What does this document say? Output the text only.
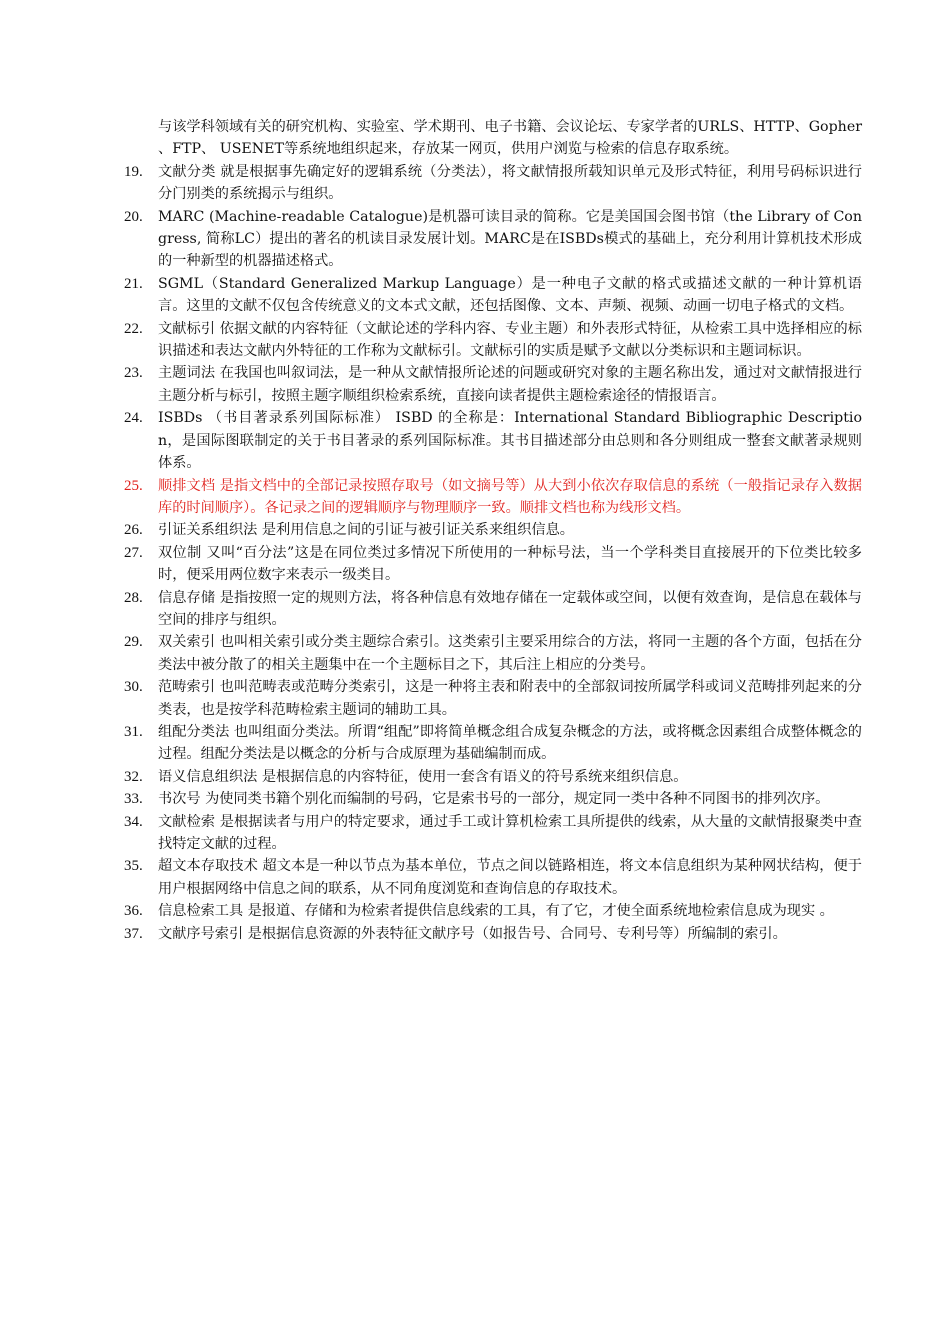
与该学科领域有关的研究机构、实验室、学术期刊、电子书籍、会议论坛、专家学者的URLS、HTTP、Gopher 、FTP、 USENET等系统地组织起来，存放某一网页，供用户浏览与检索的信息存取系统。

19.	文献分类 就是根据事先确定好的逻辑系统（分类法），将文献情报所载知识单元及形式特征，利用号码标识进行分门别类的系统揭示与组织。
20.	MARC (Machine-readable Catalogue)是机器可读目录的简称。它是美国国会图书馆（the Library of Congress, 简称LC）提出的著名的机读目录发展计划。MARC是在ISBDs模式的基础上，充分利用计算机技术形成的一种新型的机器描述格式。
21.	SGML（Standard Generalized Markup Language）是一种电子文献的格式或描述文献的一种计算机语言。这里的文献不仅包含传统意义的文本式文献，还包括图像、文本、声频、视频、动画一切电子格式的文档。
22.	文献标引 依据文献的内容特征（文献论述的学科内容、专业主题）和外表形式特征，从检索工具中选择相应的标识描述和表达文献内外特征的工作称为文献标引。文献标引的实质是赋予文献以分类标识和主题词标识。
23.	主题词法 在我国也叫叙词法，是一种从文献情报所论述的问题或研究对象的主题名称出发，通过对文献情报进行主题分析与标引，按照主题字顺组织检索系统，直接向读者提供主题检索途径的情报语言。
24.	ISBDs （书目著录系列国际标准） ISBD 的全称是：International Standard Bibliographic Description，是国际图联制定的关于书目著录的系列国际标准。其书目描述部分由总则和各分则组成一整套文献著录规则体系。
25.	顺排文档 是指文档中的全部记录按照存取号（如文摘号等）从大到小依次存取信息的系统（一般指记录存入数据库的时间顺序）。各记录之间的逻辑顺序与物理顺序一致。顺排文档也称为线形文档。
26.	引证关系组织法 是利用信息之间的引证与被引证关系来组织信息。
27.	双位制 又叫“百分法”这是在同位类过多情况下所使用的一种标号法，当一个学科类目直接展开的下位类比较多时，便采用两位数字来表示一级类目。
28.	信息存储 是指按照一定的规则方法，将各种信息有效地存储在一定载体或空间，以便有效查询，是信息在载体与空间的排序与组织。
29.	双关索引 也叫相关索引或分类主题综合索引。这类索引主要采用综合的方法，将同一主题的各个方面，包括在分类法中被分散了的相关主题集中在一个主题标目之下，其后注上相应的分类号。
30.	范畴索引 也叫范畴表或范畴分类索引，这是一种将主表和附表中的全部叙词按所属学科或词义范畴排列起来的分类表，也是按学科范畴检索主题词的辅助工具。
31.	组配分类法 也叫组面分类法。所谓“组配”即将简单概念组合成复杂概念的方法，或将概念因素组合成整体概念的过程。组配分类法是以概念的分析与合成原理为基础编制而成。
32.	语义信息组织法 是根据信息的内容特征，使用一套含有语义的符号系统来组织信息。
33.	书次号 为使同类书籍个别化而编制的号码，它是索书号的一部分，规定同一类中各种不同图书的排列次序。
34.	文献检索 是根据读者与用户的特定要求，通过手工或计算机检索工具所提供的线索，从大量的文献情报聚类中查找特定文献的过程。
35.	超文本存取技术 超文本是一种以节点为基本单位，节点之间以链路相连，将文本信息组织为某种网状结构，便于用户根据网络中信息之间的联系，从不同角度浏览和查询信息的存取技术。
36.	信息检索工具 是报道、存储和为检索者提供信息线索的工具，有了它，才使全面系统地检索信息成为现实 。
37.	文献序号索引 是根据信息资源的外表特征文献序号（如报告号、合同号、专利号等）所编制的索引。
